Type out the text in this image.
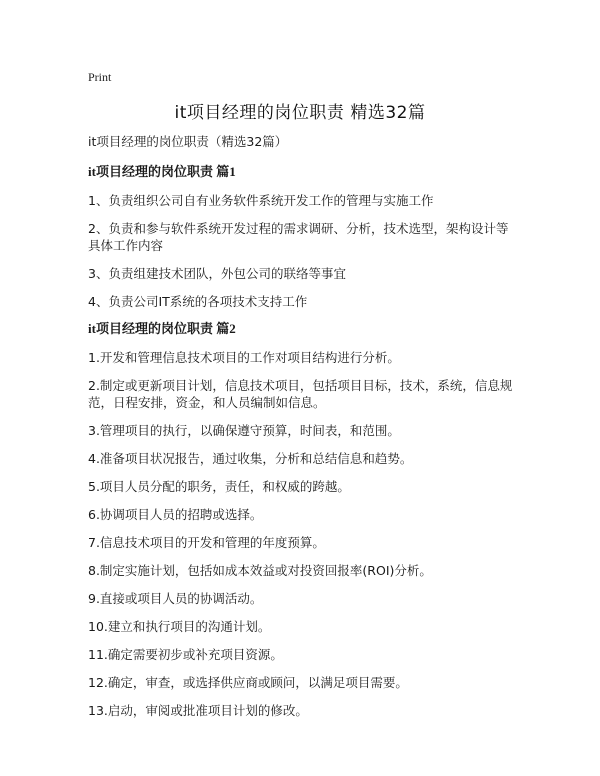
Print
it项目经理的岗位职责 精选32篇

it项目经理的岗位职责（精选32篇）

it项目经理的岗位职责 篇1

1、负责组织公司自有业务软件系统开发工作的管理与实施工作

2、负责和参与软件系统开发过程的需求调研、分析，技术选型，架构设计等具体工作内容

3、负责组建技术团队，外包公司的联络等事宜

4、负责公司IT系统的各项技术支持工作

it项目经理的岗位职责 篇2

1.开发和管理信息技术项目的工作对项目结构进行分析。

2.制定或更新项目计划，信息技术项目，包括项目目标，技术，系统，信息规范，日程安排，资金，和人员编制如信息。

3.管理项目的执行，以确保遵守预算，时间表，和范围。

4.准备项目状况报告，通过收集，分析和总结信息和趋势。

5.项目人员分配的职务，责任，和权威的跨越。

6.协调项目人员的招聘或选择。

7.信息技术项目的开发和管理的年度预算。

8.制定实施计划，包括如成本效益或对投资回报率(ROI)分析。

9.直接或项目人员的协调活动。

10.建立和执行项目的沟通计划。

11.确定需要初步或补充项目资源。

12.确定，审查，或选择供应商或顾问，以满足项目需要。

13.启动，审阅或批准项目计划的修改。
